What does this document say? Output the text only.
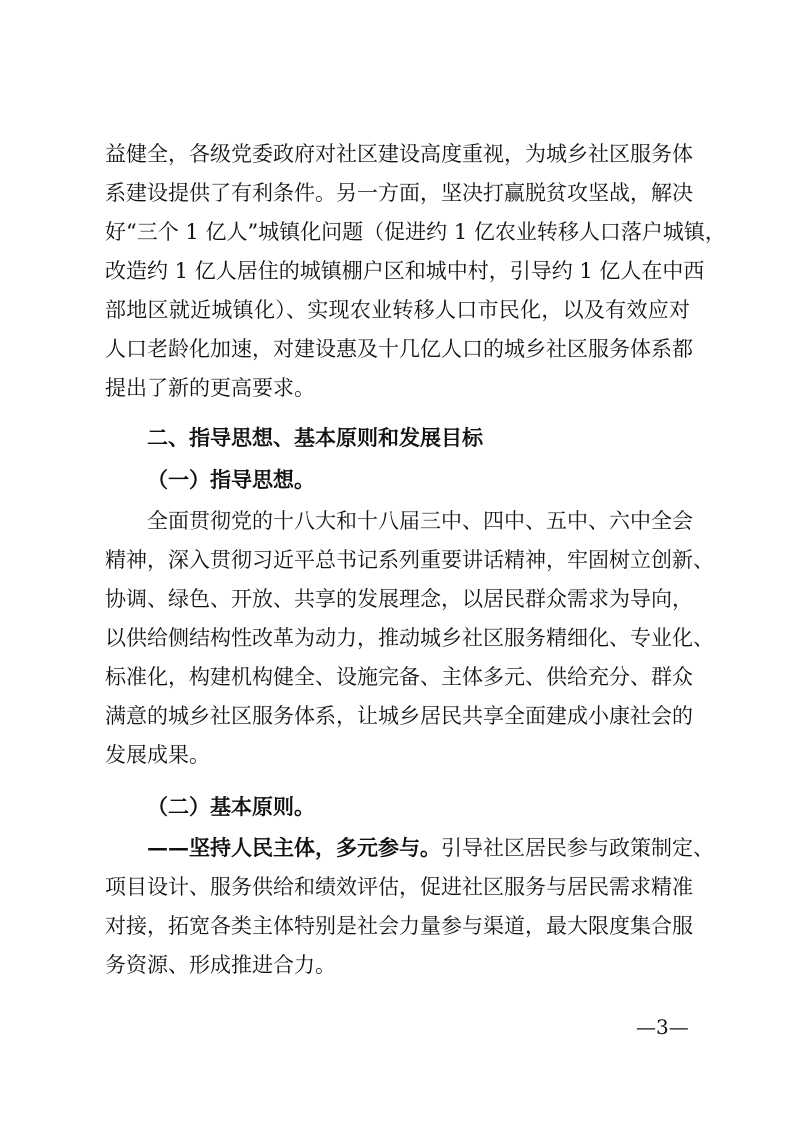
益健全，各级党委政府对社区建设高度重视，为城乡社区服务体
系建设提供了有利条件。另一方面，坚决打赢脱贫攻坚战，解决
好“三个 1 亿人”城镇化问题（促进约 1 亿农业转移人口落户城镇，
改造约 1 亿人居住的城镇棚户区和城中村，引导约 1 亿人在中西
部地区就近城镇化）、实现农业转移人口市民化，以及有效应对
人口老龄化加速，对建设惠及十几亿人口的城乡社区服务体系都
提出了新的更高要求。
二、指导思想、基本原则和发展目标
（一）指导思想。
全面贯彻党的十八大和十八届三中、四中、五中、六中全会
精神，深入贯彻习近平总书记系列重要讲话精神，牢固树立创新、
协调、绿色、开放、共享的发展理念，以居民群众需求为导向，
以供给侧结构性改革为动力，推动城乡社区服务精细化、专业化、
标准化，构建机构健全、设施完备、主体多元、供给充分、群众
满意的城乡社区服务体系，让城乡居民共享全面建成小康社会的
发展成果。
（二）基本原则。
——坚持人民主体，多元参与。引导社区居民参与政策制定、
项目设计、服务供给和绩效评估，促进社区服务与居民需求精准
对接，拓宽各类主体特别是社会力量参与渠道，最大限度集合服
务资源、形成推进合力。
—3—
